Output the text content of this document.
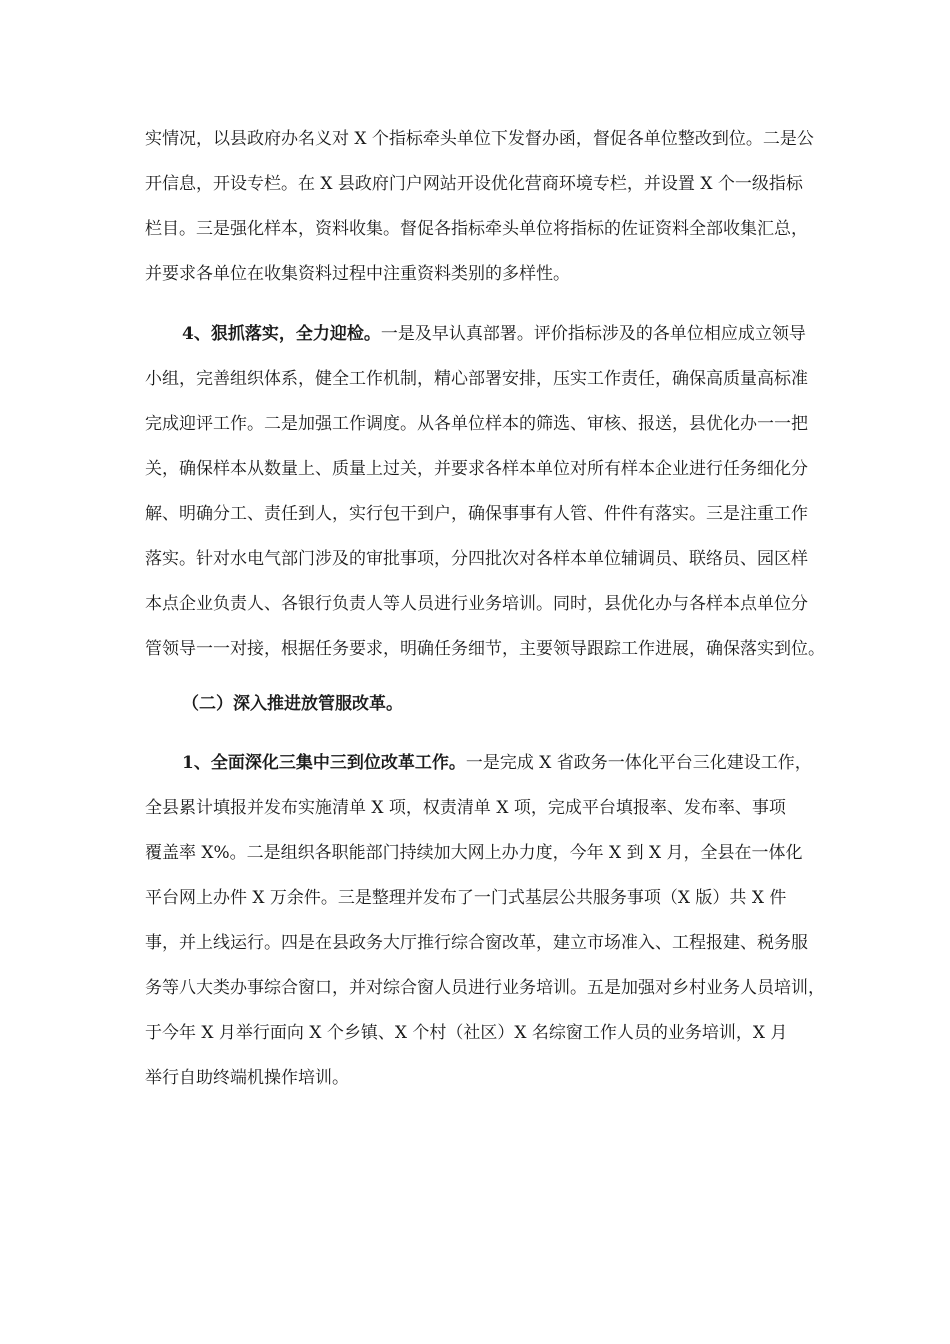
实情况，以县政府办名义对 X 个指标牵头单位下发督办函，督促各单位整改到位。二是公
开信息，开设专栏。在 X 县政府门户网站开设优化营商环境专栏，并设置 X 个一级指标
栏目。三是强化样本，资料收集。督促各指标牵头单位将指标的佐证资料全部收集汇总，
并要求各单位在收集资料过程中注重资料类别的多样性。
4、狠抓落实，全力迎检。一是及早认真部署。评价指标涉及的各单位相应成立领导
小组，完善组织体系，健全工作机制，精心部署安排，压实工作责任，确保高质量高标准
完成迎评工作。二是加强工作调度。从各单位样本的筛选、审核、报送，县优化办一一把
关，确保样本从数量上、质量上过关，并要求各样本单位对所有样本企业进行任务细化分
解、明确分工、责任到人，实行包干到户，确保事事有人管、件件有落实。三是注重工作
落实。针对水电气部门涉及的审批事项，分四批次对各样本单位辅调员、联络员、园区样
本点企业负责人、各银行负责人等人员进行业务培训。同时，县优化办与各样本点单位分
管领导一一对接，根据任务要求，明确任务细节，主要领导跟踪工作进展，确保落实到位。
（二）深入推进放管服改革。
1、全面深化三集中三到位改革工作。一是完成 X 省政务一体化平台三化建设工作，
全县累计填报并发布实施清单 X 项，权责清单 X 项，完成平台填报率、发布率、事项
覆盖率 X%。二是组织各职能部门持续加大网上办力度，今年 X 到 X 月，全县在一体化
平台网上办件 X 万余件。三是整理并发布了一门式基层公共服务事项（X 版）共 X 件
事，并上线运行。四是在县政务大厅推行综合窗改革，建立市场准入、工程报建、税务服
务等八大类办事综合窗口，并对综合窗人员进行业务培训。五是加强对乡村业务人员培训，
于今年 X 月举行面向 X 个乡镇、X 个村（社区）X 名综窗工作人员的业务培训，X 月
举行自助终端机操作培训。
